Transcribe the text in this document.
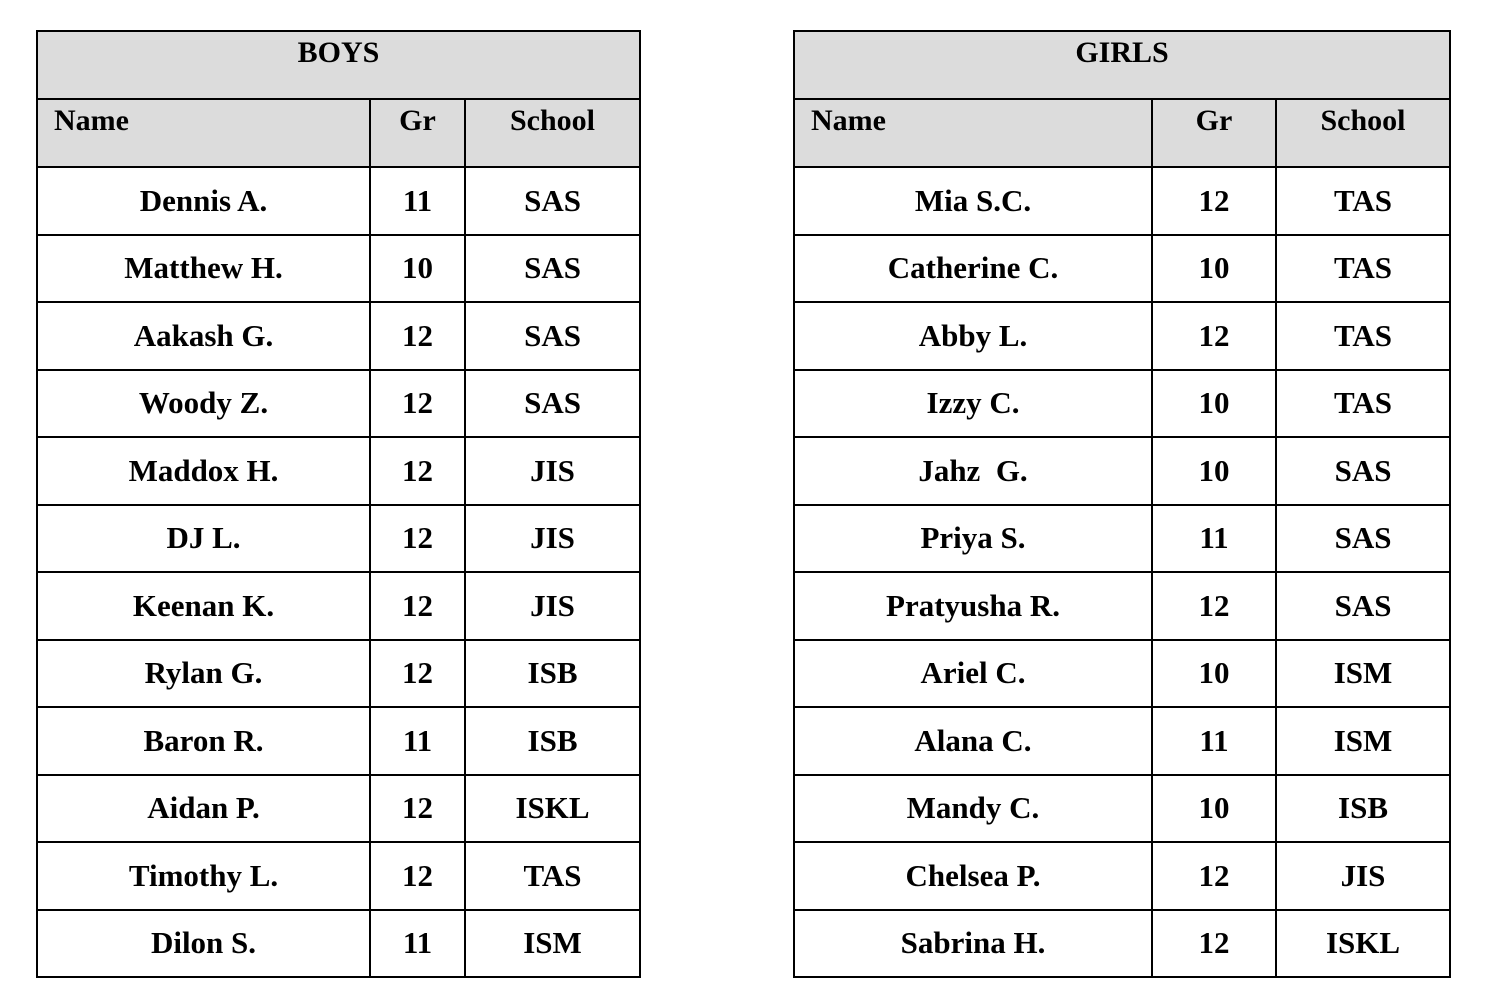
BOYS		
Name	Gr	School
Dennis A.	11	SAS
Matthew H.	10	SAS
Aakash G.	12	SAS
Woody Z.	12	SAS
Maddox H.	12	JIS
DJ L.	12	JIS
Keenan K.	12	JIS
Rylan G.	12	ISB
Baron R.	11	ISB
Aidan P.	12	ISKL
Timothy L.	12	TAS
Dilon S.	11	ISM
GIRLS		
Name	Gr	School
Mia S.C.	12	TAS
Catherine C.	10	TAS
Abby L.	12	TAS
Izzy C.	10	TAS
Jahz  G.	10	SAS
Priya S.	11	SAS
Pratyusha R.	12	SAS
Ariel C.	10	ISM
Alana C.	11	ISM
Mandy C.	10	ISB
Chelsea P.	12	JIS
Sabrina H.	12	ISKL
